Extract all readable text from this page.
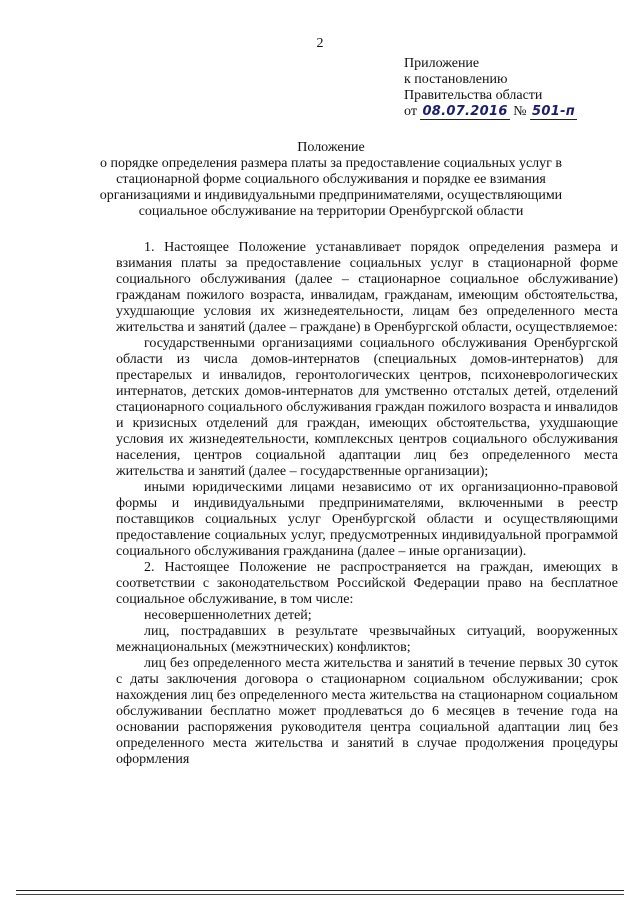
2
Приложение
к постановлению
Правительства области
от 08.07.2016 № 501-п
Положение
о порядке определения размера платы за предоставление социальных услуг в
стационарной форме социального обслуживания и порядке ее взимания
организациями и индивидуальными предпринимателями, осуществляющими
социальное обслуживание на территории Оренбургской области

1. Настоящее Положение устанавливает порядок определения размера и взимания платы за предоставление социальных услуг в стационарной форме социального обслуживания (далее – стационарное социальное обслуживание) гражданам пожилого возраста, инвалидам, гражданам, имеющим обстоятельства, ухудшающие условия их жизнедеятельности, лицам без определенного места жительства и занятий (далее – граждане) в Оренбургской области, осуществляемое:

государственными организациями социального обслуживания Оренбургской области из числа домов-интернатов (специальных домов-интернатов) для престарелых и инвалидов, геронтологических центров, психоневрологических интернатов, детских домов-интернатов для умственно отсталых детей, отделений стационарного социального обслуживания граждан пожилого возраста и инвалидов и кризисных отделений для граждан, имеющих обстоятельства, ухудшающие условия их жизнедеятельности, комплексных центров социального обслуживания населения, центров социальной адаптации лиц без определенного места жительства и занятий (далее – государственные организации);

иными юридическими лицами независимо от их организационно-правовой формы и индивидуальными предпринимателями, включенными в реестр поставщиков социальных услуг Оренбургской области и осуществляющими предоставление социальных услуг, предусмотренных индивидуальной программой социального обслуживания гражданина (далее – иные организации).

2. Настоящее Положение не распространяется на граждан, имеющих в соответствии с законодательством Российской Федерации право на бесплатное социальное обслуживание, в том числе:

несовершеннолетних детей;

лиц, пострадавших в результате чрезвычайных ситуаций, вооруженных межнациональных (межэтнических) конфликтов;

лиц без определенного места жительства и занятий в течение первых 30 суток с даты заключения договора о стационарном социальном обслуживании; срок нахождения лиц без определенного места жительства на стационарном социальном обслуживании бесплатно может продлеваться до 6 месяцев в течение года на основании распоряжения руководителя центра социальной адаптации лиц без определенного места жительства и занятий в случае продолжения процедуры оформления
